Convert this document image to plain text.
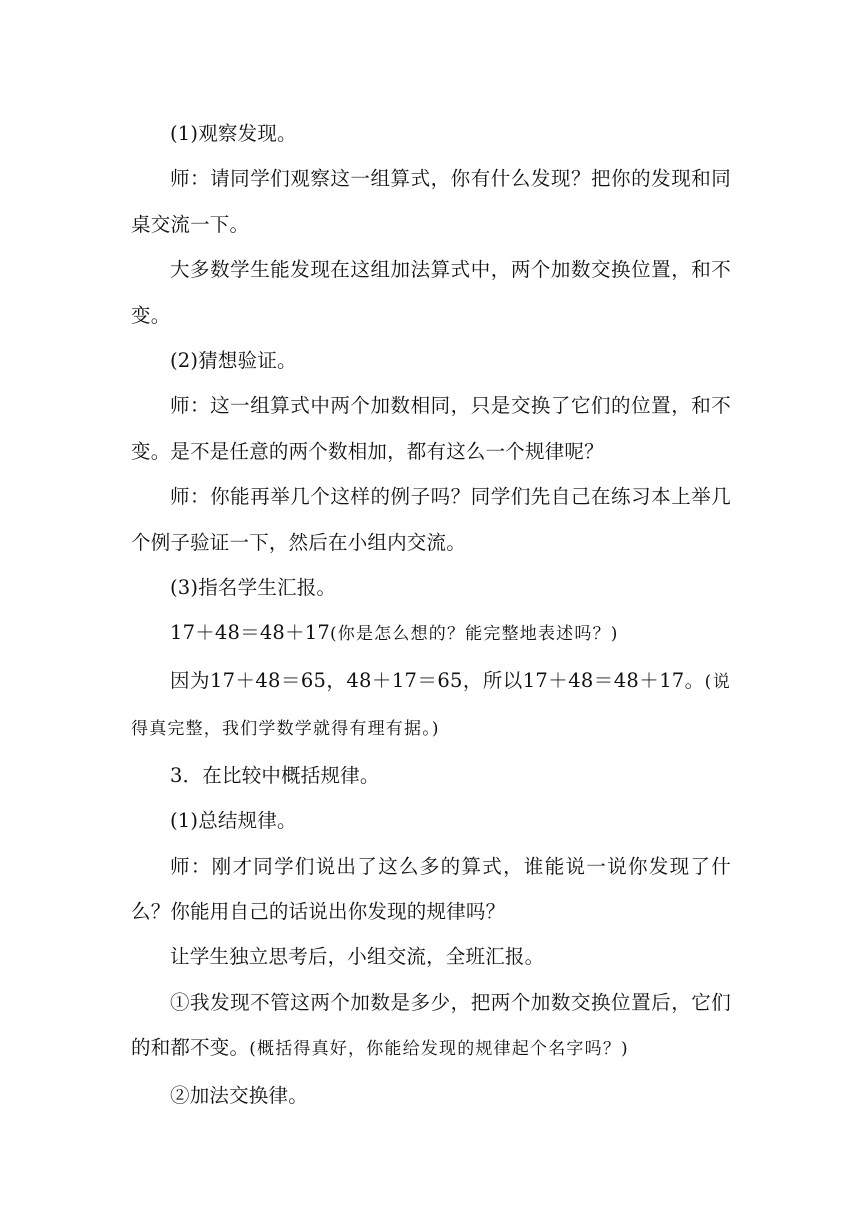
(1)观察发现。

师：请同学们观察这一组算式，你有什么发现？把你的发现和同桌交流一下。

大多数学生能发现在这组加法算式中，两个加数交换位置，和不变。

(2)猜想验证。

师：这一组算式中两个加数相同，只是交换了它们的位置，和不变。是不是任意的两个数相加，都有这么一个规律呢？

师：你能再举几个这样的例子吗？同学们先自己在练习本上举几个例子验证一下，然后在小组内交流。

(3)指名学生汇报。

17＋48＝48＋17(你是怎么想的？能完整地表述吗？)

因为17＋48＝65，48＋17＝65，所以17＋48＝48＋17。(说得真完整，我们学数学就得有理有据。)

3．在比较中概括规律。

(1)总结规律。

师：刚才同学们说出了这么多的算式，谁能说一说你发现了什么？你能用自己的话说出你发现的规律吗？

让学生独立思考后，小组交流，全班汇报。

①我发现不管这两个加数是多少，把两个加数交换位置后，它们的和都不变。(概括得真好，你能给发现的规律起个名字吗？)

②加法交换律。
